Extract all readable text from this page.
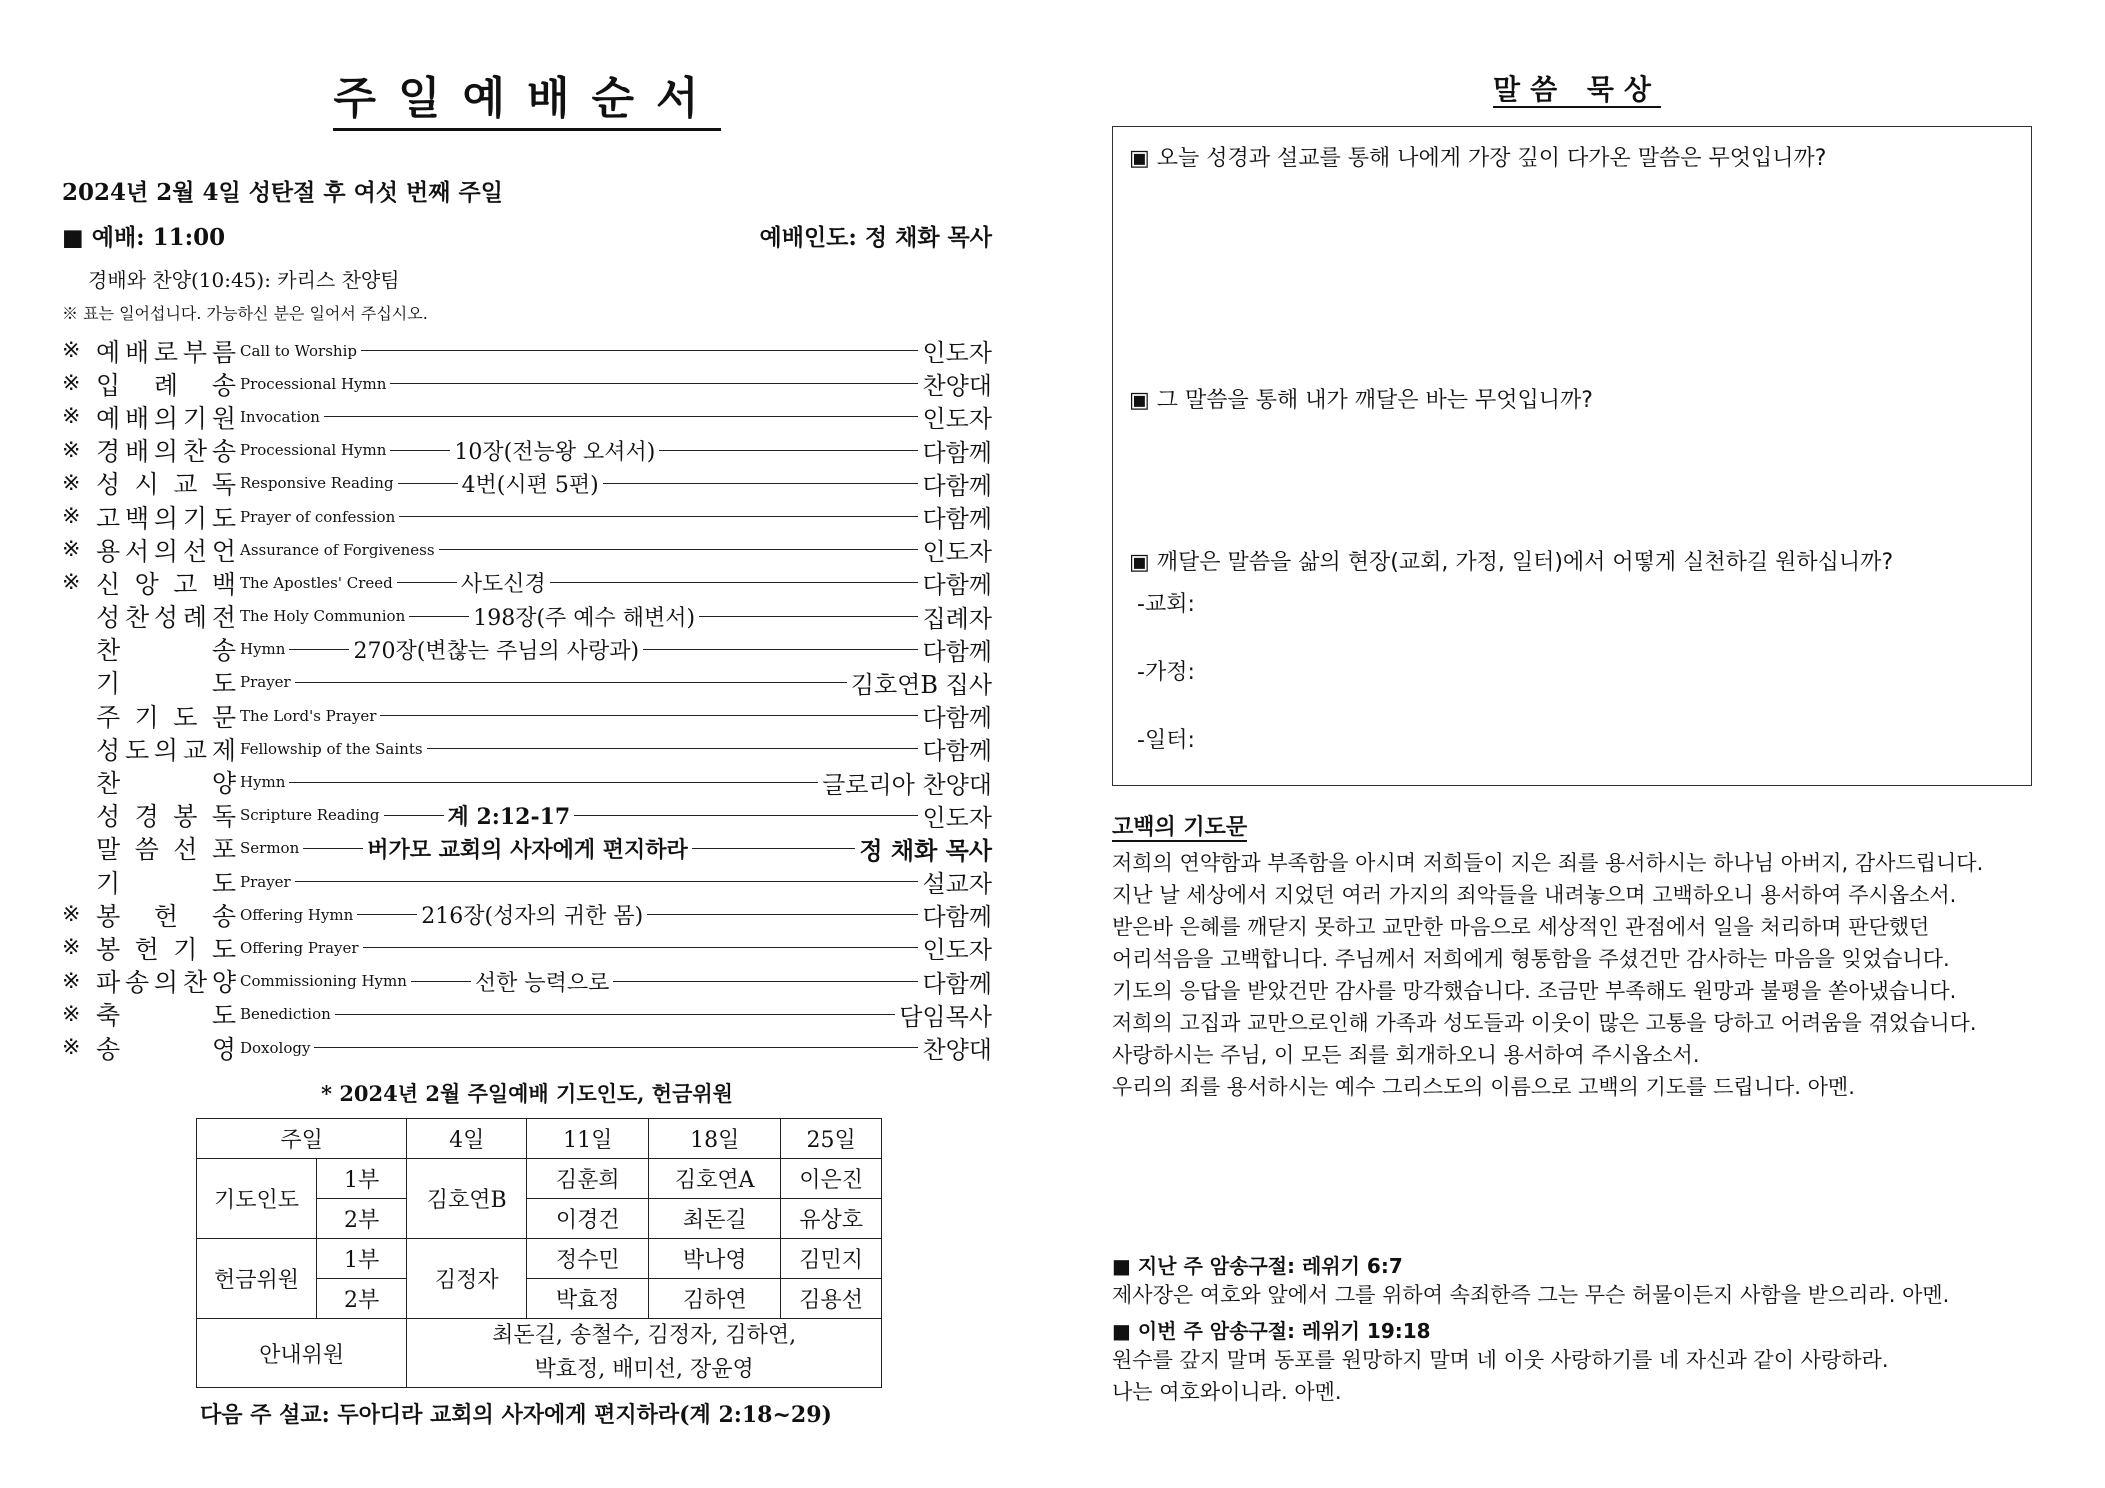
주일예배순서
2024년 2월 4일 성탄절 후 여섯 번째 주일
■ 예배: 11:00	예배인도: 정 채화 목사
경배와 찬양(10:45): 카리스 찬양팀
※ 표는 일어섭니다. 가능하신 분은 일어서 주십시오.
※ 예 배 로 부 름 Call to Worship	인도자
※ 입 례 송 Processional Hymn	찬양대
※ 예 배 의 기 원 Invocation	인도자
※ 경 배 의 찬 송 Processional Hymn	10장(전능왕 오셔서)	다함께
※ 성 시 교 독 Responsive Reading	4번(시편 5편)	다함께
※ 고 백 의 기 도 Prayer of confession	다함께
※ 용 서 의 선 언 Assurance of Forgiveness	인도자
※ 신 앙 고 백 The Apostles' Creed	사도신경	다함께
성 찬 성 례 전 The Holy Communion	198장(주 예수 해변서)	집례자
찬	송 Hymn	270장(변찮는 주님의 사랑과)	다함께
기	도 Prayer	김호연B 집사
주 기 도 문 The Lord's Prayer	다함께
성 도 의 교 제 Fellowship of the Saints	다함께
찬	양 Hymn	글로리아 찬양대
성 경 봉 독 Scripture Reading	계 2:12-17	인도자
말 씀 선 포 Sermon	버가모 교회의 사자에게 편지하라	정 채화 목사
기	도 Prayer	설교자
※ 봉 헌 송 Offering Hymn	216장(성자의 귀한 몸)	다함께
※ 봉 헌 기 도 Offering Prayer	인도자
※ 파 송 의 찬 양 Commissioning Hymn	선한 능력으로	다함께
※ 축	도 Benediction	담임목사
※ 송	영 Doxology	찬양대
* 2024년 2월 주일예배 기도인도, 헌금위원
주일		4일	11일	18일	25일
기도인도	1부	김호연B	김훈희	김호연A	이은진
	2부		이경건	최돈길	유상호
헌금위원	1부	김정자	정수민	박나영	김민지
	2부		박효정	김하연	김용선
안내위원		최돈길, 송철수, 김정자, 김하연,
박효정, 배미선, 장윤영			
다음 주 설교: 두아디라 교회의 사자에게 편지하라(계 2:18~29)
말씀 묵상
▣ 오늘 성경과 설교를 통해 나에게 가장 깊이 다가온 말씀은 무엇입니까?
▣ 그 말씀을 통해 내가 깨달은 바는 무엇입니까?
▣ 깨달은 말씀을 삶의 현장(교회, 가정, 일터)에서 어떻게 실천하길 원하십니까?
-교회:
-가정:
-일터:
고백의 기도문
저희의 연약함과 부족함을 아시며 저희들이 지은 죄를 용서하시는 하나님 아버지, 감사드립니다.
지난 날 세상에서 지었던 여러 가지의 죄악들을 내려놓으며 고백하오니 용서하여 주시옵소서.
받은바 은혜를 깨닫지 못하고 교만한 마음으로 세상적인 관점에서 일을 처리하며 판단했던
어리석음을 고백합니다. 주님께서 저희에게 형통함을 주셨건만 감사하는 마음을 잊었습니다.
기도의 응답을 받았건만 감사를 망각했습니다. 조금만 부족해도 원망과 불평을 쏟아냈습니다.
저희의 고집과 교만으로인해 가족과 성도들과 이웃이 많은 고통을 당하고 어려움을 겪었습니다.
사랑하시는 주님, 이 모든 죄를 회개하오니 용서하여 주시옵소서.
우리의 죄를 용서하시는 예수 그리스도의 이름으로 고백의 기도를 드립니다. 아멘.
■ 지난 주 암송구절: 레위기 6:7
제사장은 여호와 앞에서 그를 위하여 속죄한즉 그는 무슨 허물이든지 사함을 받으리라. 아멘.
■ 이번 주 암송구절: 레위기 19:18
원수를 갚지 말며 동포를 원망하지 말며 네 이웃 사랑하기를 네 자신과 같이 사랑하라.
나는 여호와이니라. 아멘.
